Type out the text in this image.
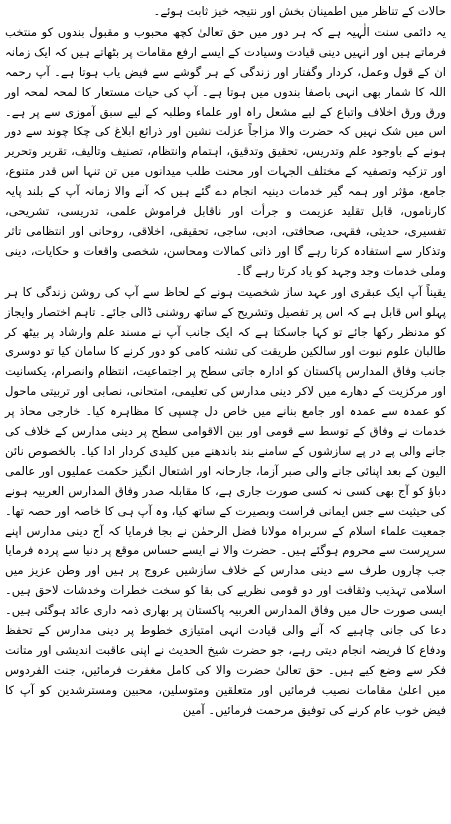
حالات کے تناظر میں اطمینان بخش اور نتیجہ خیز ثابت ہوئے۔

یہ دائمی سنت الٰہیہ ہے کہ ہر دور میں حق تعالیٰ کچھ محبوب و مقبول بندوں کو منتخب فرماتے ہیں اور انہیں دینی قیادت وسیادت کے ایسے ارفع مقامات پر بٹھاتے ہیں کہ ایک زمانہ ان کے قول وعمل، کردار وگفتار اور زندگی کے ہر گوشے سے فیض یاب ہوتا ہے۔ آپ رحمہ اللہ کا شمار بھی انہی باصفا بندوں میں ہوتا ہے۔ آپ کی حیات مستعار کا لمحہ لمحہ اور ورق ورق اخلاف واتباع کے لیے مشعل راہ اور علماء وطلبہ کے لیے سبق آموزی سے پر ہے۔ اس میں شک نہیں کہ حضرت والا مزاجاً عزلت نشین اور ذرائع ابلاغ کی چکا چوند سے دور ہونے کے باوجود علم وتدریس، تحقیق وتدقیق، اہتمام وانتظام، تصنیف وتالیف، تقریر وتحریر اور تزکیہ وتصفیہ کے مختلف الجہات اور محنت طلب میدانوں میں تن تنہا اس قدر متنوع، جامع، مؤثر اور ہمہ گیر خدمات دینیہ انجام دے گئے ہیں کہ آنے والا زمانہ آپ کے بلند پایہ کارناموں، قابل تقلید عزیمت و جرأت اور ناقابل فراموش علمی، تدریسی، تشریحی، تفسیری، حدیثی، فقہی، صحافتی، ادبی، ساجی، تحقیقی، اخلاقی، روحانی اور انتظامی تاثر وتذکار سے استفادہ کرتا رہے گا اور ذاتی کمالات ومحاسن، شخصی واقعات و حکایات، دینی وملی خدمات وجد وجہد کو یاد کرتا رہے گا۔

یقیناً آپ ایک عبقری اور عہد ساز شخصیت ہونے کے لحاظ سے آپ کی روشن زندگی کا ہر پہلو اس قابل ہے کہ اس پر تفصیل وتشریح کے ساتھ روشنی ڈالی جائے۔ تاہم اختصار وایجاز کو مدنظر رکھا جائے تو کہا جاسکتا ہے کہ ایک جانب آپ نے مسند علم وارشاد پر بیٹھ کر طالبان علوم نبوت اور سالکین طریقت کی تشنہ کامی کو دور کرنے کا سامان کیا تو دوسری جانب وفاق المدارس پاکستان کو ادارہ جاتی سطح پر اجتماعیت، انتظام وانصرام، یکسانیت اور مرکزیت کے دھارے میں لاکر دینی مدارس کی تعلیمی، امتحانی، نصابی اور تربیتی ماحول کو عمدہ سے عمدہ اور جامع بنانے میں خاص دل چسپی کا مظاہرہ کیا۔ خارجی محاذ پر خدمات نے وفاق کے توسط سے قومی اور بین الاقوامی سطح پر دینی مدارس کے خلاف کی جانے والی پے در پے سازشوں کے سامنے بند باندھنے میں کلیدی کردار ادا کیا۔ بالخصوص نائن الیون کے بعد اپنائی جانے والی صبر آزما، جارحانہ اور اشتعال انگیز حکمت عملیوں اور عالمی دباؤ کو آج بھی کسی نہ کسی صورت جاری ہے، کا مقابلہ صدر وفاق المدارس العربیہ ہونے کی حیثیت سے جس ایمانی فراست وبصیرت کے ساتھ کیا، وہ آپ ہی کا خاصہ اور حصہ تھا۔ جمعیت علماء اسلام کے سربراہ مولانا فضل الرحمٰن نے بجا فرمایا کہ آج دینی مدارس اپنے سرپرست سے محروم ہوگئے ہیں۔ حضرت والا نے ایسے حساس موقع پر دنیا سے پردہ فرمایا جب چاروں طرف سے دینی مدارس کے خلاف سازشیں عروج پر ہیں اور وطن عزیز میں اسلامی تہذیب وثقافت اور دو قومی نظریے کی بقا کو سخت خطرات وخدشات لاحق ہیں۔ ایسی صورت حال میں وفاق المدارس العربیہ پاکستان پر بھاری ذمہ داری عائد ہوگئی ہیں۔ دعا کی جانی چاہیے کہ آنے والی قیادت انہی امتیازی خطوط پر دینی مدارس کے تحفظ ودفاع کا فریضہ انجام دیتی رہے، جو حضرت شیخ الحدیث نے اپنی عاقبت اندیشی اور متانت فکر سے وضع کیے ہیں۔ حق تعالیٰ حضرت والا کی کامل مغفرت فرمائیں، جنت الفردوس میں اعلیٰ مقامات نصیب فرمائیں اور متعلقین ومتوسلین، محبین ومسترشدین کو آپ کا فیض خوب عام کرنے کی توفیق مرحمت فرمائیں۔ آمین
